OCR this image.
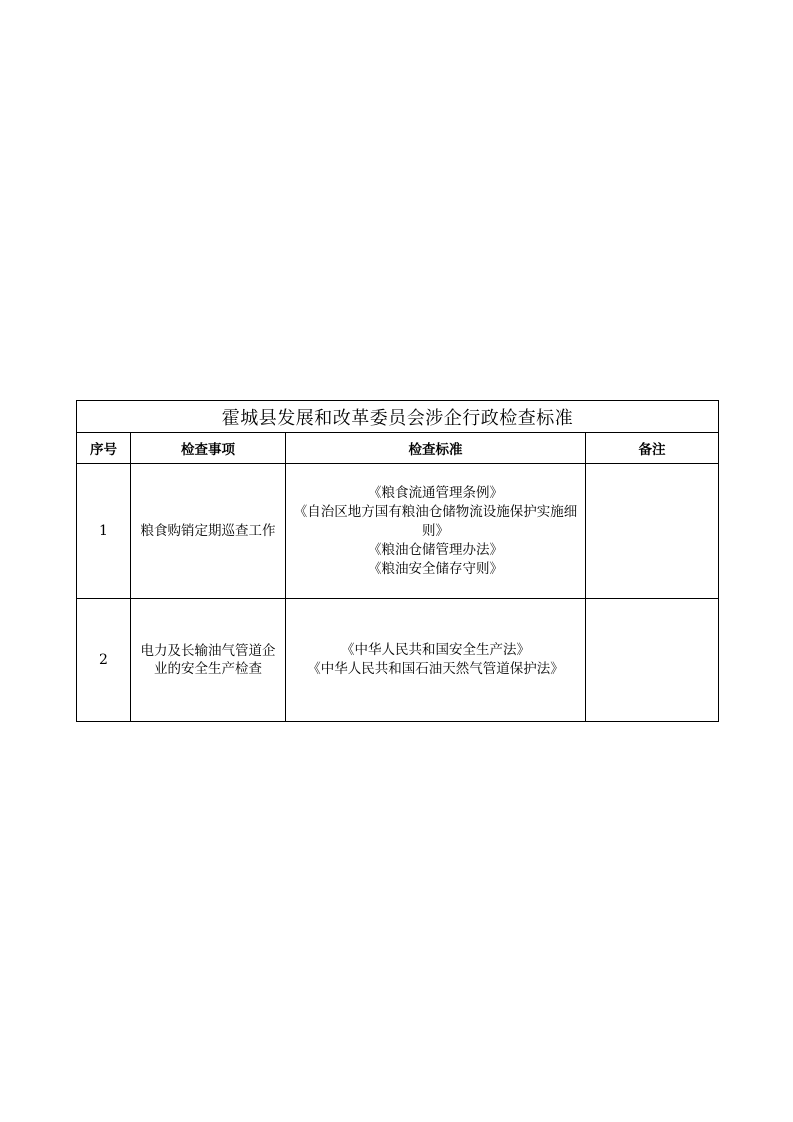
霍城县发展和改革委员会涉企行政检查标准			
序号	检查事项	检查标准	备注
1	粮食购销定期巡查工作	《粮食流通管理条例》
《自治区地方国有粮油仓储物流设施保护实施细则》
《粮油仓储管理办法》
《粮油安全储存守则》	

2	电力及长输油气管道企业的安全生产检查	《中华人民共和国安全生产法》
《中华人民共和国石油天然气管道保护法》	
